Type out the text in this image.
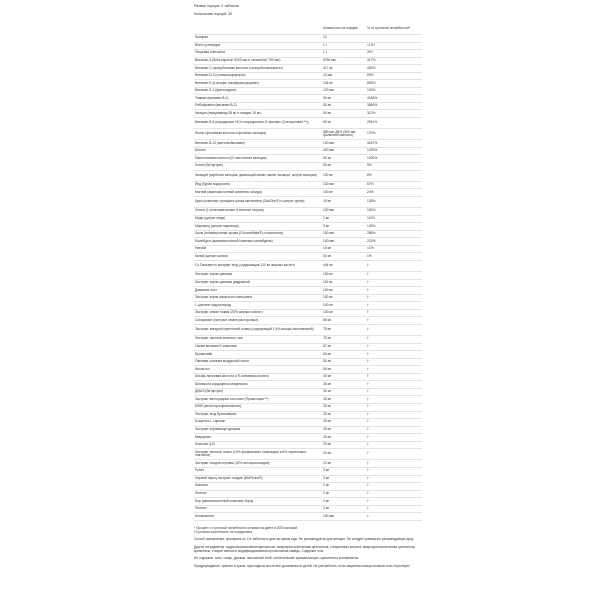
Размер порции: 2 таблетки
Количество порций: 30
	Количество на порцию	% от суточной потребности*
Калории	10	
Всего углеводов	1 г	<1%*
Пищевая клетчатка	1 г	3%*
Витамин A (бета-каротин 5000 мкг и пальмитат 750 мкг)	5750 мкг	417%
Витамин C (аскорбиновая кислота и аскорбилпальмитат)	417 мг	463%
Витамин D-3 (холекальциферол)	10 мкг	50%
Витамин E (d-альфа-токоферилсукцинат)	134 мг	893%
Витамин K-1 (фитонадион)	120 мкг	100%
Тиамин (витамин B-1)	50 мг	4166%
Рибофлавин (витамин B-2)	50 мг	3846%
Ниацин (ниацинамид 35 мг и ниацин 15 мг)	50 мг	312%
Витамин B-6 (пиридоксин HCl и пиридоксаль-5'-фосфат (Coenzymated™))	50 мг	2941%
Фолат (фолиевая кислота и фолинат кальция)	680 мкг ДФЭ (300 мкг фолиевой кислоты)	170%
Витамин B-12 (метилкобаламин)	100 мкг	4167%
Биотин	400 мкг	1333%
Пантотеновая кислота (D-пантотенат кальция)	50 мг	1000%
Холин (битартрат)	50 мг	9%
Кальций (карбонат кальция, дикальций малат, малат кальция, цитрат кальция)	100 мг	8%
Йод (бурая водоросль)	100 мкг	67%
Магний (аминокислотный комплекс оксида)	100 мг	24%
Цинк (комплекс сульфата цинка-метионина (OptiZinc®) и цитрат цинка)	15 мг	136%
Селен (L-селенометионин и селенит натрия)	100 мкг	181%
Медь (цитрат меди)	1 мг	111%
Марганец (цитрат марганца)	3 мг	130%
Хром (полиникотинат хрома (ChromeMate®) и пиколинат)	100 мкг	286%
Молибден (аминокислотный комплекс молибдена)	100 мкг	222%
Натрий	15 мг	<1%
Калий (цитрат калия)	50 мг	1%
Со Пальметто экстракт ягод (содержащие 110 мг жирных кислот)	444 мг	†
Экстракт корня крапивы	150 мг	†
Экстракт корня крапивы двудомной	110 мг	†
Дамианы лист	100 мг	†
Экстракт корня азиатского женьшеня	100 мг	†
L-цистеин гидрохлорид	100 мг	†
Экстракт семян тыквы (25% жирных кислот)	100 мг	†
Сахаромин (экстракт семян расторопши)	85 мг	†
Экстракт звездной цветочной тыквы (содержащий 1,6% альфа-линоленовой)	75 мг	†
Экстракт листьев зеленого чая	75 мг	†
Гамма витамин E комплекс	67 мг	†
Бромелайн	60 мг	†
Овсяная соломка воздушной части	50 мг	†
Инозитол	50 мг	†
Альфа-липоевая кислота и R-липоевая кислота	40 мг	†
Бионикота кордицепса мицелиаль	35 мг	†
ДМАЭ (битартрат)	30 мг	†
Экстракт виноградных косточек (Проантоцин™)	30 мг	†
MSM (метилсульфонилметан)	30 мг	†
Экстракт ягод бузиновника	25 мг	†
N-ацетил-L-тирозин	25 мг	†
Экстракт корневища куркумы	25 мг	†
Кверцетин	25 мг	†
Коэнзим Q10	20 мг	†
Экстракт листьев гинкго (24% флавоновых гликозидов и 6% терпеновых лактонов)	20 мг	†
Экстракт плодов черники (32% антоцианозидов)	10 мг	†
Рутин	3 мг	†
Черный перец экстракт плодов (BioPerine®)	3 мг	†
Ликопин	2 мг	†
Лютеин	2 мг	†
Бор (аминокислотный комплекс бора)	2 мг	†
Лютеин	2 мг	†
Астаксантин	100 мкг	†

* Процент от суточной потребности основан на диете в 2000 калорий.
†Суточная потребность не определена.

Способ применения: принимать по 2-4 таблетки в день во время еды. Не рекомендуется для женщин. Не следует превышать рекомендуемую дозу.

Другие ингредиенты: гидроксипропилметилцеллюлоза, микрокристаллическая целлюлоза, стеариновая кислота, микрокристаллическая целлюлоза, кремнезем, стеарат магния и модифицированная целлюлозная камедь. Содержит сою.

Не содержит: соль, сахар, дрожжи, пшеничный клей, синтетические ароматизаторы, красители и консерванты.

Предупреждение: хранить в сухом, прохладном месте вне досягаемости детей. Не употреблять, если защитная кольца сломано или отсутствует.
